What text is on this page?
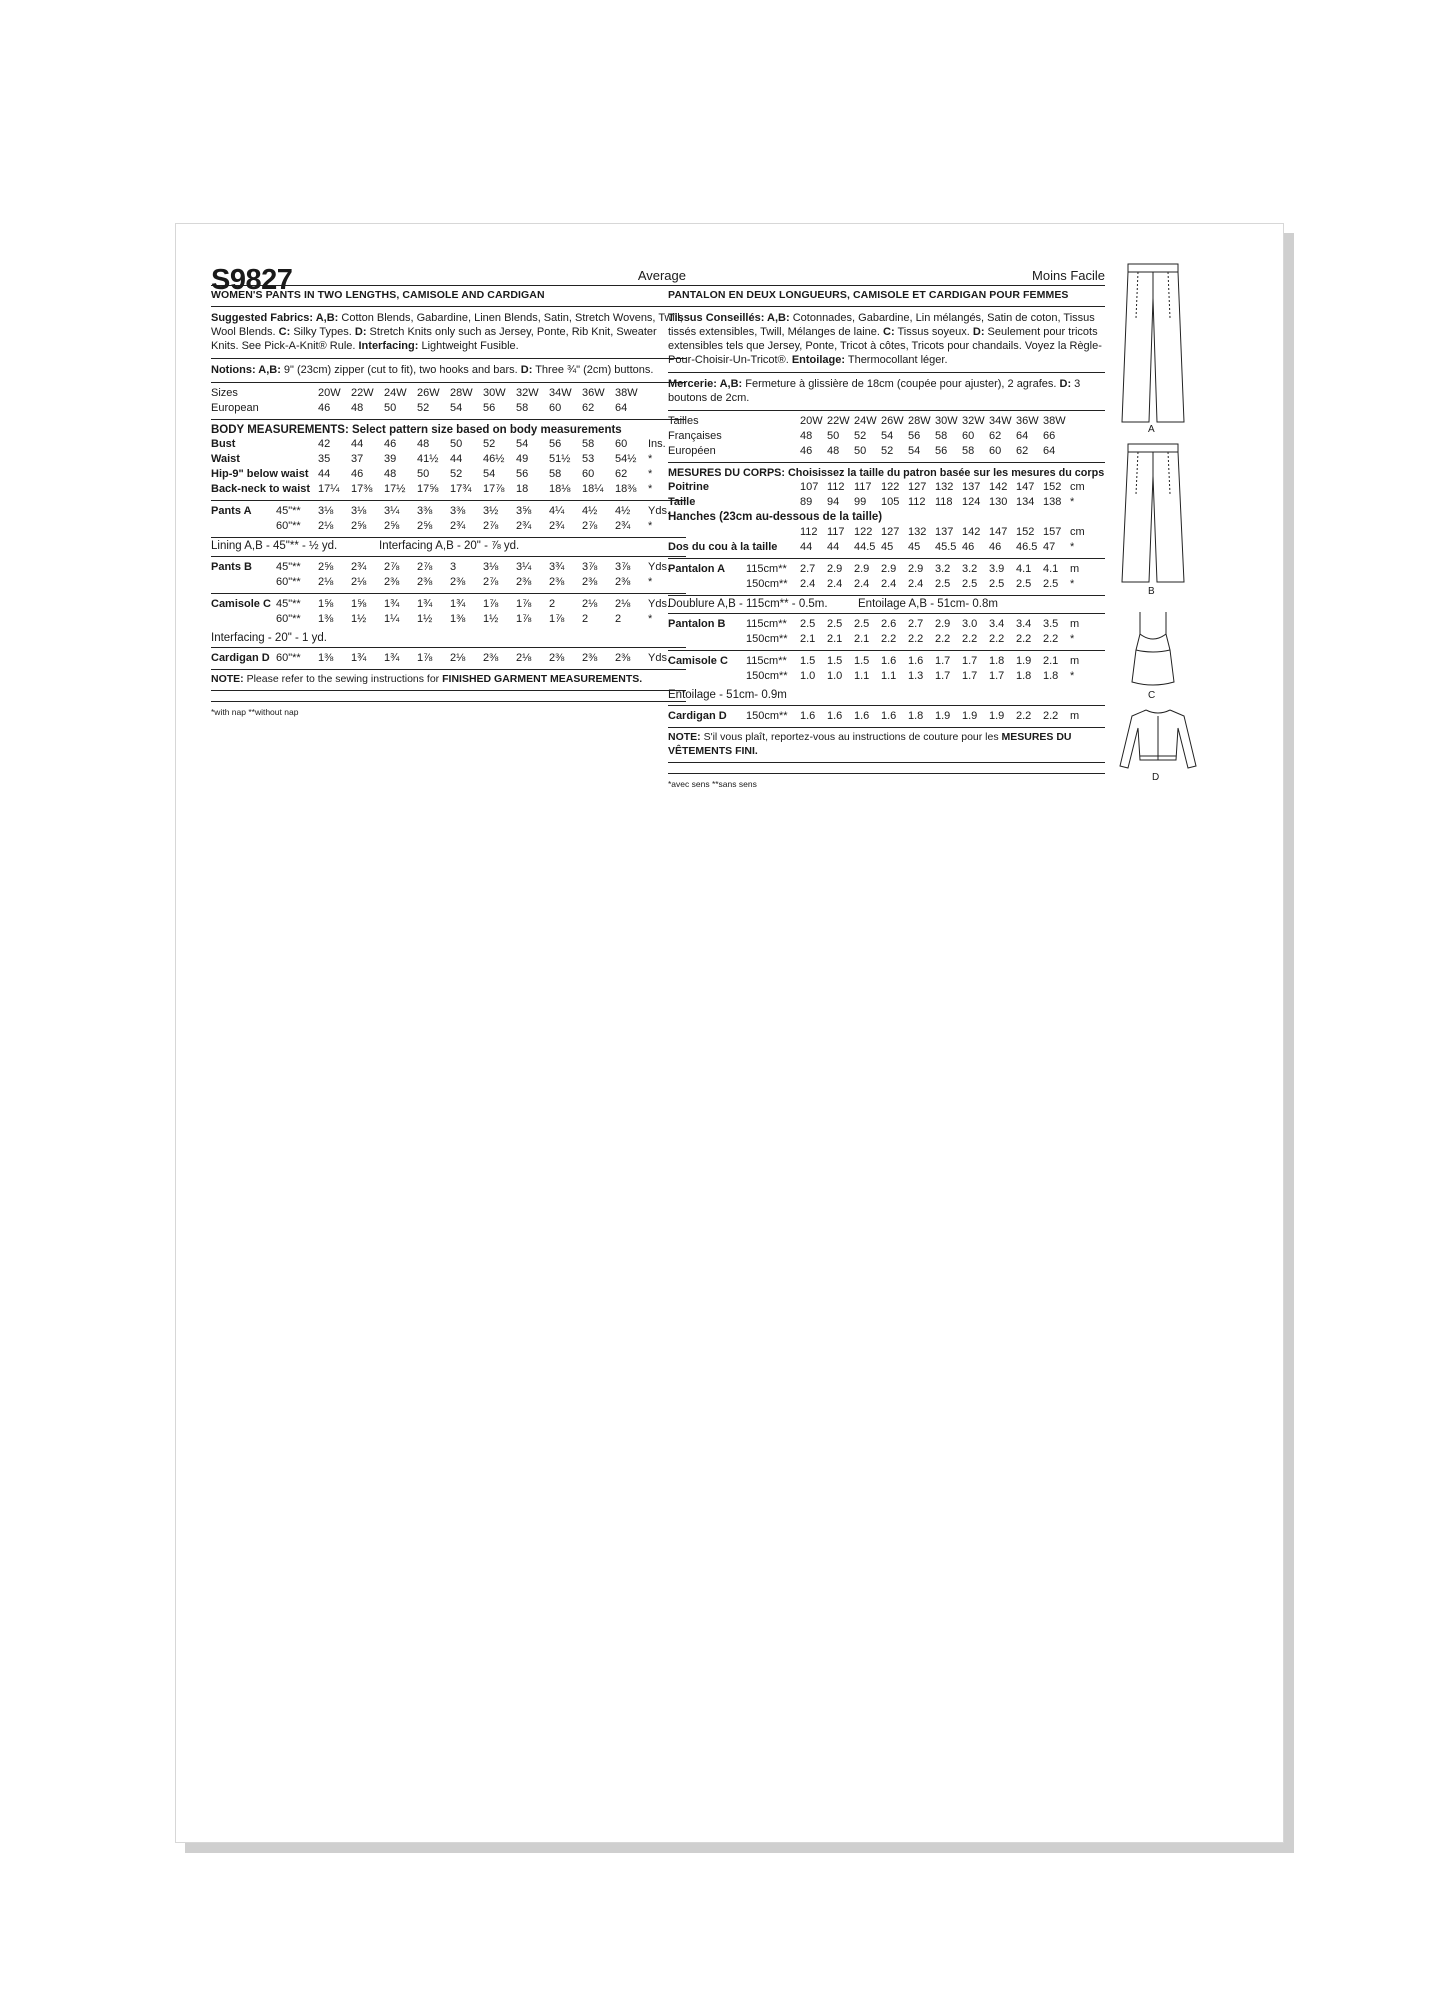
S9827	Average
WOMEN'S PANTS IN TWO LENGTHS, CAMISOLE AND CARDIGAN
Suggested Fabrics: A,B: Cotton Blends, Gabardine, Linen Blends, Satin, Stretch Wovens, Twill, Wool Blends. C: Silky Types. D: Stretch Knits only such as Jersey, Ponte, Rib Knit, Sweater Knits. See Pick-A-Knit® Rule. Interfacing: Lightweight Fusible.
Notions: A,B: 9" (23cm) zipper (cut to fit), two hooks and bars. D: Three ¾" (2cm) buttons.
Sizes	20W	22W	24W	26W	28W	30W	32W	34W	36W	38W	
European	46	48	50	52	54	56	58	60	62	64	
BODY MEASUREMENTS: Select pattern size based on body measurements
Bust	42	44	46	48	50	52	54	56	58	60	Ins.
Waist	35	37	39	41½	44	46½	49	51½	53	54½	*
Hip-9" below waist	44	46	48	50	52	54	56	58	60	62	*
Back-neck to waist	17¼	17⅜	17½	17⅝	17¾	17⅞	18	18⅛	18¼	18⅜	*
Pants A	45"**	3⅛	3⅛	3¼	3⅜	3⅜	3½	3⅝	4¼	4½	4½	Yds.
	60"**	2⅛	2⅝	2⅝	2⅝	2¾	2⅞	2¾	2¾	2⅞	2¾	*
Lining A,B - 45"** - ½ yd.	Interfacing A,B - 20" - ⅞ yd.
Pants B	45"**	2⅝	2¾	2⅞	2⅞	3	3⅛	3¼	3¾	3⅞	3⅞	Yds.
	60"**	2⅛	2⅛	2⅜	2⅜	2⅜	2⅞	2⅜	2⅜	2⅜	2⅜	*
Camisole C	45"**	1⅝	1⅝	1¾	1¾	1¾	1⅞	1⅞	2	2⅛	2⅛	Yds.
	60"**	1⅜	1½	1¼	1½	1⅜	1½	1⅞	1⅞	2	2	*
Interfacing - 20" - 1 yd.
Cardigan D	60"**	1⅜	1¾	1¾	1⅞	2⅛	2⅜	2⅛	2⅜	2⅜	2⅜	Yds.
NOTE: Please refer to the sewing instructions for FINISHED GARMENT MEASUREMENTS.
*with nap **without nap
Moins Facile
PANTALON EN DEUX LONGUEURS, CAMISOLE ET CARDIGAN POUR FEMMES
Tissus Conseillés: A,B: Cotonnades, Gabardine, Lin mélangés, Satin de coton, Tissus tissés extensibles, Twill, Mélanges de laine. C: Tissus soyeux. D: Seulement pour tricots extensibles tels que Jersey, Ponte, Tricot à côtes, Tricots pour chandails. Voyez la Règle-Pour-Choisir-Un-Tricot®. Entoilage: Thermocollant léger.
Mercerie: A,B: Fermeture à glissière de 18cm (coupée pour ajuster), 2 agrafes. D: 3 boutons de 2cm.
Tailles	20W	22W	24W	26W	28W	30W	32W	34W	36W	38W	
Françaises	48	50	52	54	56	58	60	62	64	66	
Européen	46	48	50	52	54	56	58	60	62	64	
MESURES DU CORPS: Choisissez la taille du patron basée sur les mesures du corps
Poitrine	107	112	117	122	127	132	137	142	147	152	cm
Taille	89	94	99	105	112	118	124	130	134	138	*
Hanches (23cm au-dessous de la taille)
	112	117	122	127	132	137	142	147	152	157	cm
Dos du cou à la taille	44	44	44.5	45	45	45.5	46	46	46.5	47	*
Pantalon A	115cm**	2.7	2.9	2.9	2.9	2.9	3.2	3.2	3.9	4.1	4.1	m
	150cm**	2.4	2.4	2.4	2.4	2.4	2.5	2.5	2.5	2.5	2.5	*
Doublure A,B - 115cm** - 0.5m.	Entoilage A,B - 51cm- 0.8m
Pantalon B	115cm**	2.5	2.5	2.5	2.6	2.7	2.9	3.0	3.4	3.4	3.5	m
	150cm**	2.1	2.1	2.1	2.2	2.2	2.2	2.2	2.2	2.2	2.2	*
Camisole C	115cm**	1.5	1.5	1.5	1.6	1.6	1.7	1.7	1.8	1.9	2.1	m
	150cm**	1.0	1.0	1.1	1.1	1.3	1.7	1.7	1.7	1.8	1.8	*
Entoilage - 51cm- 0.9m
Cardigan D	150cm**	1.6	1.6	1.6	1.6	1.8	1.9	1.9	1.9	2.2	2.2	m
NOTE: S'il vous plaît, reportez-vous au instructions de couture pour les MESURES DU VÊTEMENTS FINI.
*avec sens **sans sens
A
B
C
D
